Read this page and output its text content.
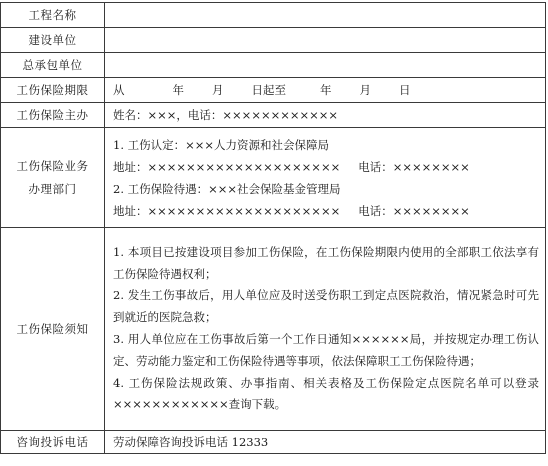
工程名称	
建设单位	
总承包单位	
工伤保险期限	从 年 月 日起至 年 月 日
工伤保险主办	姓名：×××，电话：××××××××××××

工伤保险业务办理部门	1. 工伤认定：×××人力资源和社会保障局
地址：×××××××××××××××××××× 电话：××××××××
2. 工伤保险待遇：×××社会保险基金管理局
地址：×××××××××××××××××××× 电话：××××××××

工伤保险须知	1. 本项目已按建设项目参加工伤保险，在工伤保险期限内使用的全部职工依法享有工伤保险待遇权利；

2. 发生工伤事故后，用人单位应及时送受伤职工到定点医院救治，情况紧急时可先到就近的医院急救；

3. 用人单位应在工伤事故后第一个工作日通知××××××局，并按规定办理工伤认定、劳动能力鉴定和工伤保险待遇等事项，依法保障职工工伤保险待遇；

4. 工伤保险法规政策、办事指南、相关表格及工伤保险定点医院名单可以登录××××××××××××查询下载。

咨询投诉电话	劳动保障咨询投诉电话 12333
